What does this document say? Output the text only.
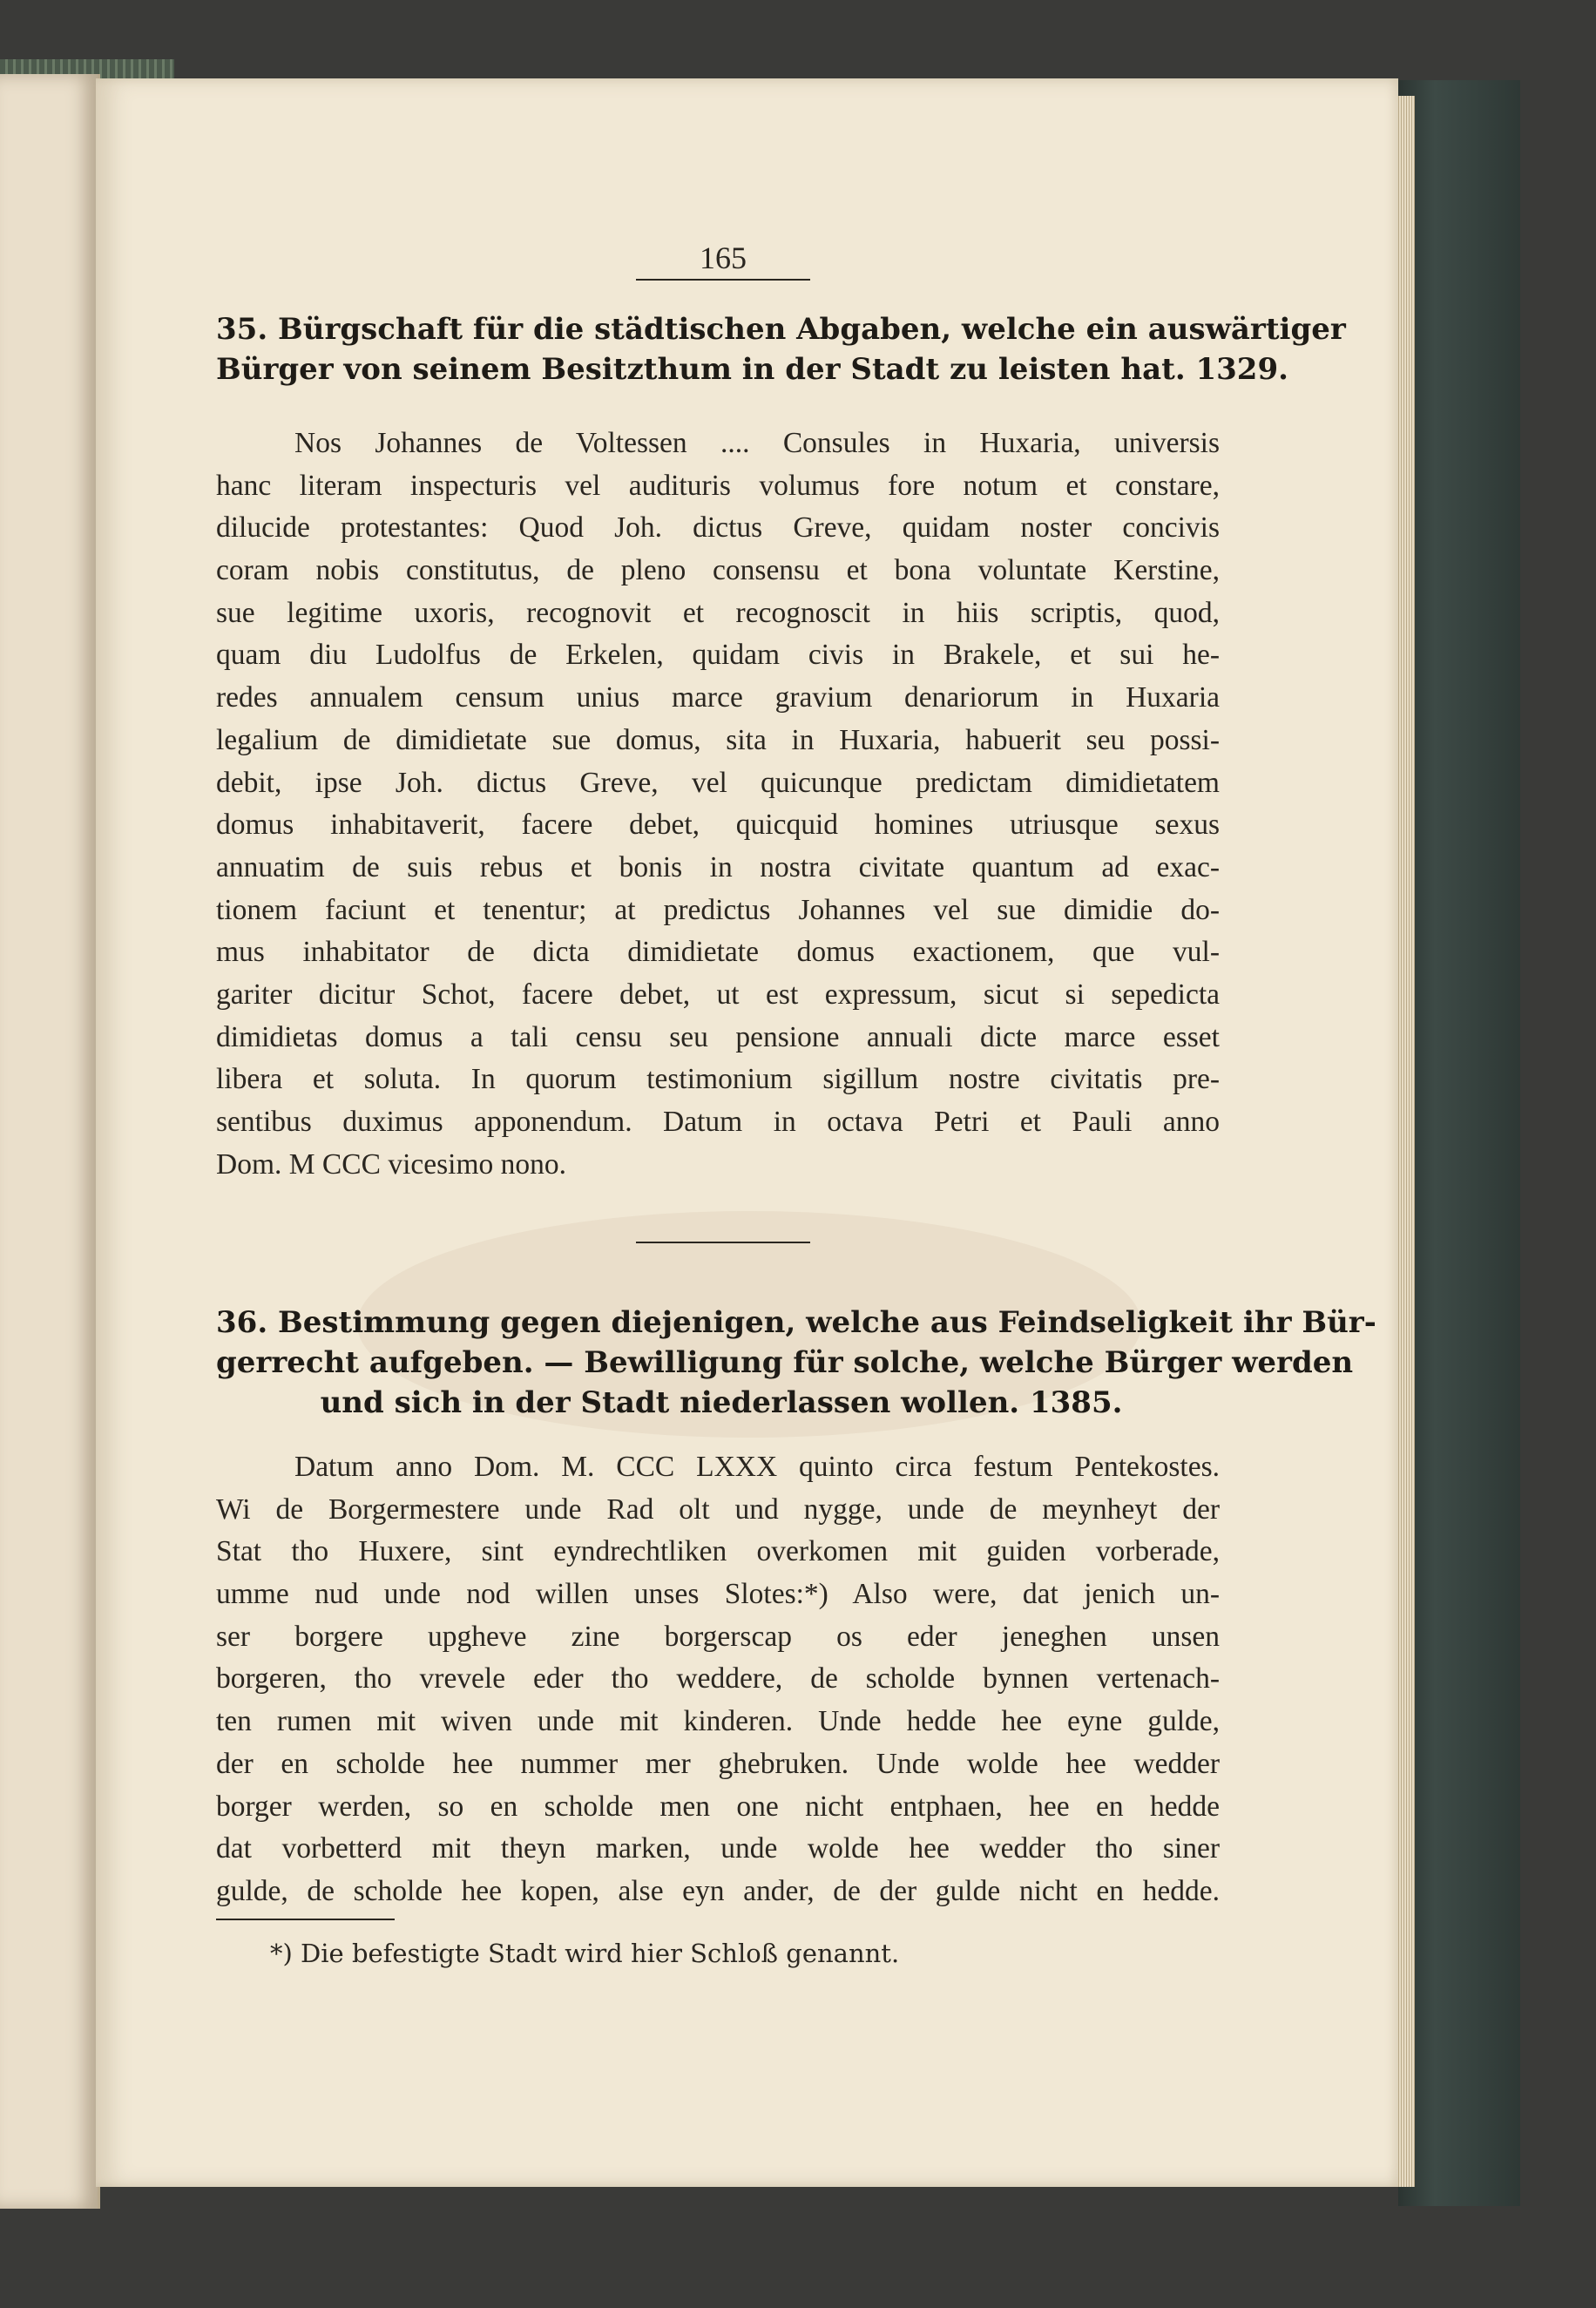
165
35. Bürgschaft für die städtischen Abgaben, welche ein auswärtiger
Bürger von seinem Besitzthum in der Stadt zu leisten hat. 1329.
Nos Johannes de Voltessen .... Consules in Huxaria, universis
hanc literam inspecturis vel audituris volumus fore notum et constare,
dilucide protestantes: Quod Joh. dictus Greve, quidam noster concivis
coram nobis constitutus, de pleno consensu et bona voluntate Kerstine,
sue legitime uxoris, recognovit et recognoscit in hiis scriptis, quod,
quam diu Ludolfus de Erkelen, quidam civis in Brakele, et sui he-
redes annualem censum unius marce gravium denariorum in Huxaria
legalium de dimidietate sue domus, sita in Huxaria, habuerit seu possi-
debit, ipse Joh. dictus Greve, vel quicunque predictam dimidietatem
domus inhabitaverit, facere debet, quicquid homines utriusque sexus
annuatim de suis rebus et bonis in nostra civitate quantum ad exac-
tionem faciunt et tenentur; at predictus Johannes vel sue dimidie do-
mus inhabitator de dicta dimidietate domus exactionem, que vul-
gariter dicitur Schot, facere debet, ut est expressum, sicut si sepedicta
dimidietas domus a tali censu seu pensione annuali dicte marce esset
libera et soluta. In quorum testimonium sigillum nostre civitatis pre-
sentibus duximus apponendum. Datum in octava Petri et Pauli anno
Dom. M CCC vicesimo nono.
36. Bestimmung gegen diejenigen, welche aus Feindseligkeit ihr Bür-
gerrecht aufgeben. — Bewilligung für solche, welche Bürger werden
und sich in der Stadt niederlassen wollen. 1385.
Datum anno Dom. M. CCC LXXX quinto circa festum Pentekostes.
Wi de Borgermestere unde Rad olt und nygge, unde de meynheyt der
Stat tho Huxere, sint eyndrechtliken overkomen mit guiden vorberade,
umme nud unde nod willen unses Slotes:*) Also were, dat jenich un-
ser borgere upgheve zine borgerscap os eder jeneghen unsen
borgeren, tho vrevele eder tho weddere, de scholde bynnen vertenach-
ten rumen mit wiven unde mit kinderen. Unde hedde hee eyne gulde,
der en scholde hee nummer mer ghebruken. Unde wolde hee wedder
borger werden, so en scholde men one nicht entphaen, hee en hedde
dat vorbetterd mit theyn marken, unde wolde hee wedder tho siner
gulde, de scholde hee kopen, alse eyn ander, de der gulde nicht en hedde.
*) Die befestigte Stadt wird hier Schloß genannt.
